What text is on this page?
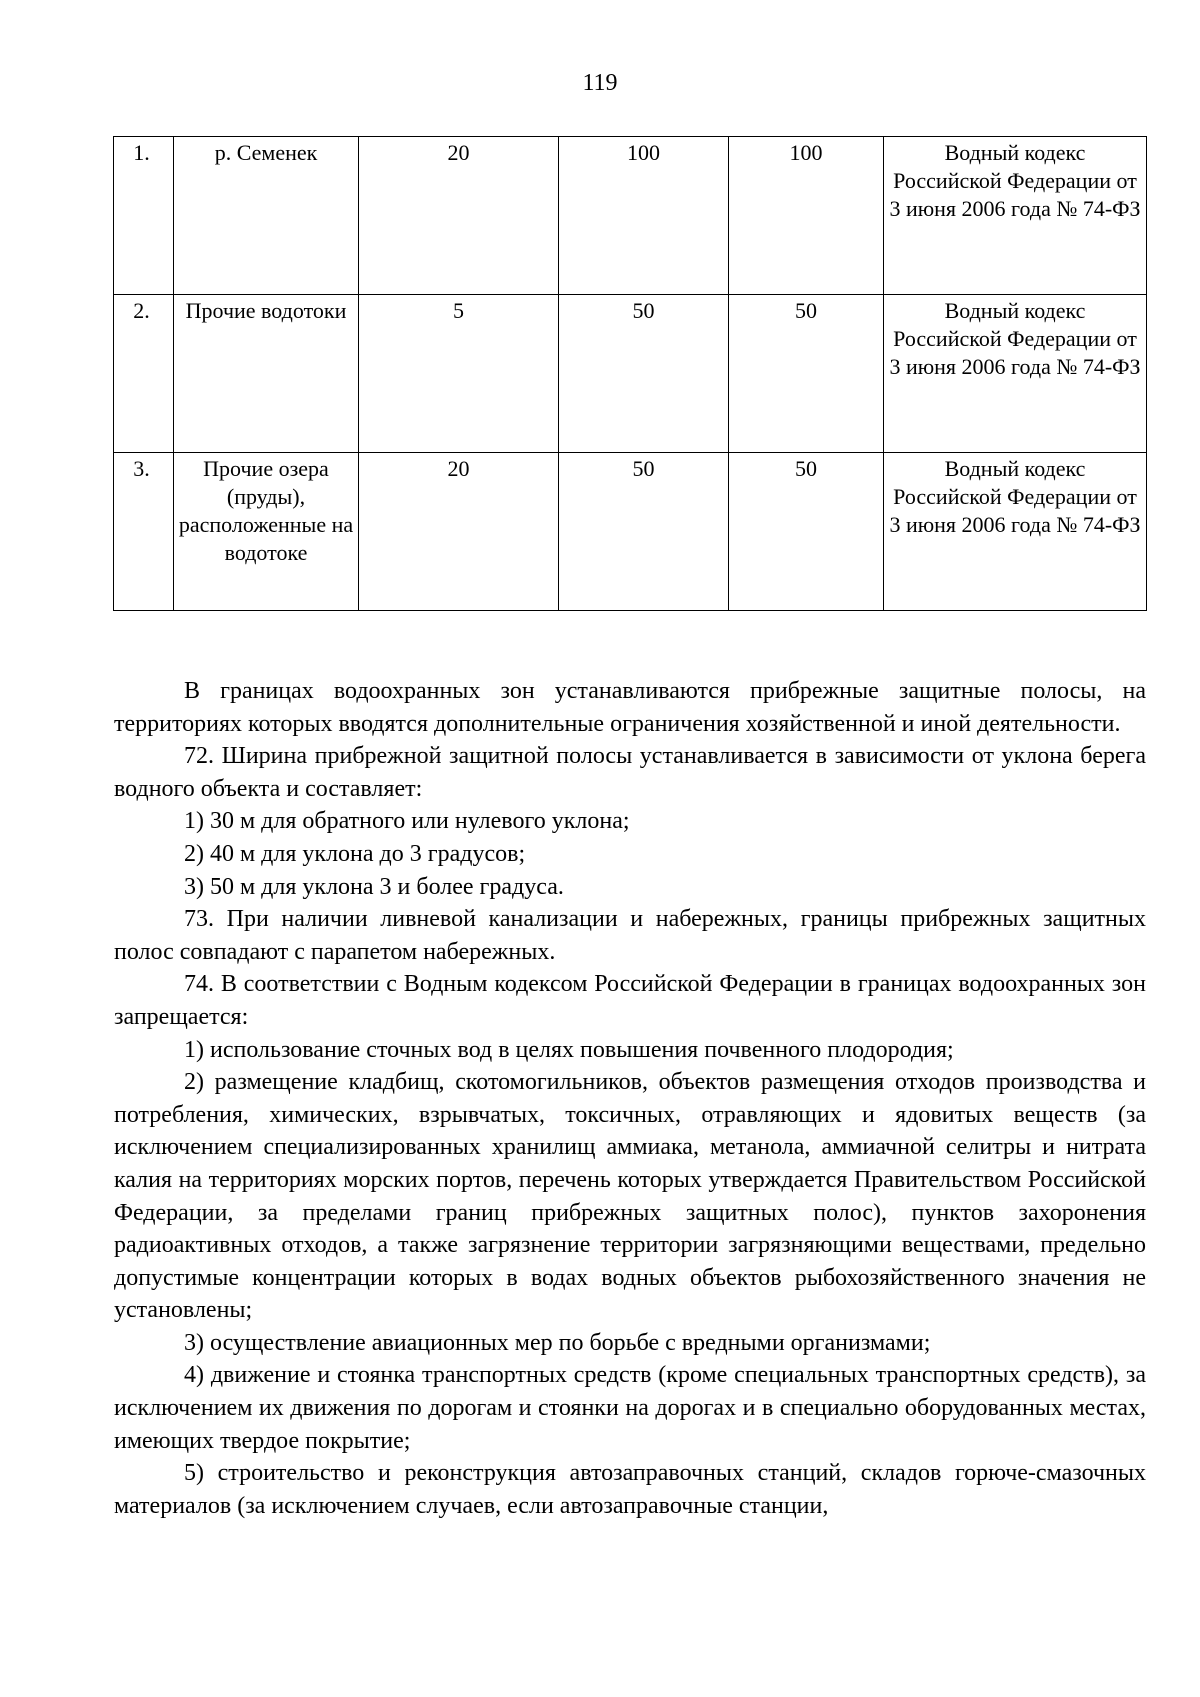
119
1.	р. Семенек	20	100	100	Водный кодекс Российской Федерации от 3 июня 2006 года № 74-ФЗ
2.	Прочие водотоки	5	50	50	Водный кодекс Российской Федерации от 3 июня 2006 года № 74-ФЗ
3.	Прочие озера (пруды), расположенные на водотоке	20	50	50	Водный кодекс Российской Федерации от 3 июня 2006 года № 74-ФЗ

В границах водоохранных зон устанавливаются прибрежные защитные полосы, на территориях которых вводятся дополнительные ограничения хозяйственной и иной деятельности.

72. Ширина прибрежной защитной полосы устанавливается в зависимости от уклона берега водного объекта и составляет:

1) 30 м для обратного или нулевого уклона;

2) 40 м для уклона до 3 градусов;

3) 50 м для уклона 3 и более градуса.

73. При наличии ливневой канализации и набережных, границы прибрежных защитных полос совпадают с парапетом набережных.

74. В соответствии с Водным кодексом Российской Федерации в границах водоохранных зон запрещается:

1) использование сточных вод в целях повышения почвенного плодородия;

2) размещение кладбищ, скотомогильников, объектов размещения отходов производства и потребления, химических, взрывчатых, токсичных, отравляющих и ядовитых веществ (за исключением специализированных хранилищ аммиака, метанола, аммиачной селитры и нитрата калия на территориях морских портов, перечень которых утверждается Правительством Российской Федерации, за пределами границ прибрежных защитных полос), пунктов захоронения радиоактивных отходов, а также загрязнение территории загрязняющими веществами, предельно допустимые концентрации которых в водах водных объектов рыбохозяйственного значения не установлены;

3) осуществление авиационных мер по борьбе с вредными организмами;

4) движение и стоянка транспортных средств (кроме специальных транспортных средств), за исключением их движения по дорогам и стоянки на дорогах и в специально оборудованных местах, имеющих твердое покрытие;

5) строительство и реконструкция автозаправочных станций, складов горюче-смазочных материалов (за исключением случаев, если автозаправочные станции,
